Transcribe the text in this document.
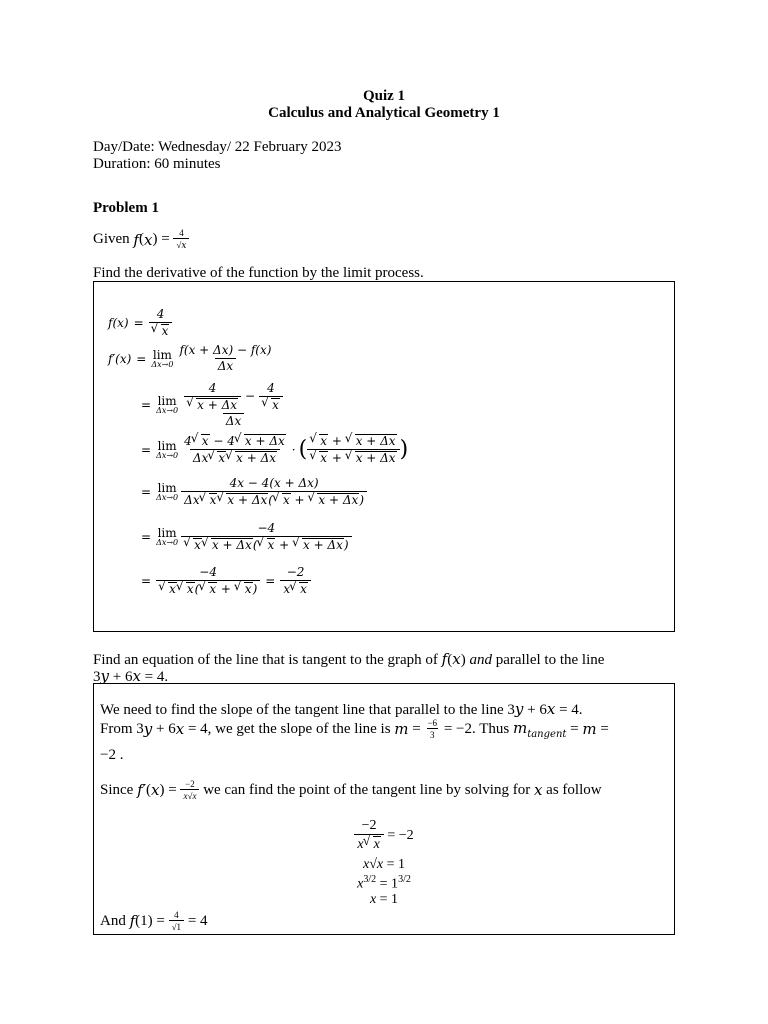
Quiz 1
Calculus and Analytical Geometry 1
Day/Date: Wednesday/ 22 February 2023
Duration: 60 minutes
Problem 1
Given
f ( x ) = $\frac{4}{√x}$
Find the derivative of the function by the limit process.
f(x) = 4
√ x
f′(x) = lim
$\Delta x\to 0 \frac{f(x + \Delta x) - f(x)}{\Delta x}$
= lim
Δx→0 4
√ x + Δx − 4
√ x
Δx
= lim
$\Delta x\to 0 \frac{4 √ x - 4 √ x + \Delta x}{\Delta x √ x √ x + \Delta x}$ · ( √ x + √ x + Δx
√ x + √ x + Δx )
= lim
$\Delta x\to 0 \frac{4x - 4(x + \Delta x)}{\Delta x √ x √ x + \Delta x( √ x + √ x + \Delta x)}$
= lim
Δx→0 −4
√ x √ x + Δx( √ x + √ x + Δx)
= −4
√ x √ x( √ x + √ $x) = \frac{-2}{x √ x}$
Find an equation of the line that is tangent to the graph of f(x) and parallel to the line
3y + 6x = 4.
We need to find the slope of the tangent line that parallel to the line 3y + 6x = 4.
From 3 y + 6 x = 4 , we get the slope of the line is
$m = \frac{-6}{3} = -2$ . Thus
$m_{tangent} = m$ =
−2 .
Since
f′ ( x ) = $\frac{-2}{x√x}$
we can find the point of the tangent line by solving for
x
as follow
$\frac{-2}{x √ x} = -2$
x√x = 1
$x^{3/2} = 1^{3/2}$
x = 1
And
f $(1) = \frac{4}{√1} = 4$
